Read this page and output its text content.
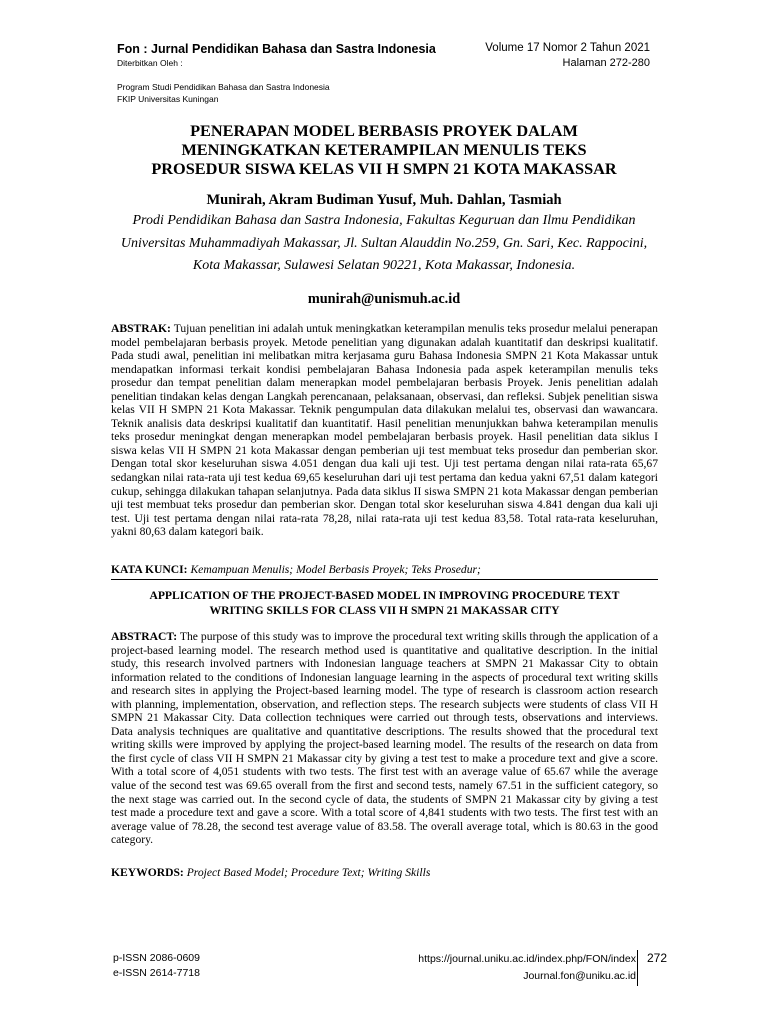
Fon : Jurnal Pendidikan Bahasa dan Sastra Indonesia	Volume 17 Nomor 2 Tahun 2021
Diterbitkan Oleh :	Halaman 272-280
Program Studi Pendidikan Bahasa dan Sastra Indonesia
FKIP Universitas Kuningan
PENERAPAN MODEL BERBASIS PROYEK DALAM
MENINGKATKAN KETERAMPILAN MENULIS TEKS
PROSEDUR SISWA KELAS VII H SMPN 21 KOTA MAKASSAR
Munirah, Akram Budiman Yusuf, Muh. Dahlan, Tasmiah
Prodi Pendidikan Bahasa dan Sastra Indonesia, Fakultas Keguruan dan Ilmu Pendidikan Universitas Muhammadiyah Makassar, Jl. Sultan Alauddin No.259, Gn. Sari, Kec. Rappocini, Kota Makassar, Sulawesi Selatan 90221, Kota Makassar, Indonesia.
munirah@unismuh.ac.id
ABSTRAK: Tujuan penelitian ini adalah untuk meningkatkan keterampilan menulis teks prosedur melalui penerapan model pembelajaran berbasis proyek. Metode penelitian yang digunakan adalah kuantitatif dan deskripsi kualitatif. Pada studi awal, penelitian ini melibatkan mitra kerjasama guru Bahasa Indonesia SMPN 21 Kota Makassar untuk mendapatkan informasi terkait kondisi pembelajaran Bahasa Indonesia pada aspek keterampilan menulis teks prosedur dan tempat penelitian dalam menerapkan model pembelajaran berbasis Proyek. Jenis penelitian adalah penelitian tindakan kelas dengan Langkah perencanaan, pelaksanaan, observasi, dan refleksi. Subjek penelitian siswa kelas VII H SMPN 21 Kota Makassar. Teknik pengumpulan data dilakukan melalui tes, observasi dan wawancara. Teknik analisis data deskripsi kualitatif dan kuantitatif. Hasil penelitian menunjukkan bahwa keterampilan menulis teks prosedur meningkat dengan menerapkan model pembelajaran berbasis proyek. Hasil penelitian data siklus I siswa kelas VII H SMPN 21 kota Makassar dengan pemberian uji test membuat teks prosedur dan pemberian skor. Dengan total skor keseluruhan siswa 4.051 dengan dua kali uji test. Uji test pertama dengan nilai rata-rata 65,67 sedangkan nilai rata-rata uji test kedua 69,65 keseluruhan dari uji test pertama dan kedua yakni 67,51 dalam kategori cukup, sehingga dilakukan tahapan selanjutnya. Pada data siklus II siswa SMPN 21 kota Makassar dengan pemberian uji test membuat teks prosedur dan pemberian skor. Dengan total skor keseluruhan siswa 4.841 dengan dua kali uji test. Uji test pertama dengan nilai rata-rata 78,28, nilai rata-rata uji test kedua 83,58. Total rata-rata keseluruhan, yakni 80,63 dalam kategori baik.
KATA KUNCI: Kemampuan Menulis; Model Berbasis Proyek; Teks Prosedur;
APPLICATION OF THE PROJECT-BASED MODEL IN IMPROVING PROCEDURE TEXT
WRITING SKILLS FOR CLASS VII H SMPN 21 MAKASSAR CITY
ABSTRACT: The purpose of this study was to improve the procedural text writing skills through the application of a project-based learning model. The research method used is quantitative and qualitative description. In the initial study, this research involved partners with Indonesian language teachers at SMPN 21 Makassar City to obtain information related to the conditions of Indonesian language learning in the aspects of procedural text writing skills and research sites in applying the Project-based learning model. The type of research is classroom action research with planning, implementation, observation, and reflection steps. The research subjects were students of class VII H SMPN 21 Makassar City. Data collection techniques were carried out through tests, observations and interviews. Data analysis techniques are qualitative and quantitative descriptions. The results showed that the procedural text writing skills were improved by applying the project-based learning model. The results of the research on data from the first cycle of class VII H SMPN 21 Makassar city by giving a test test to make a procedure text and give a score. With a total score of 4,051 students with two tests. The first test with an average value of 65.67 while the average value of the second test was 69.65 overall from the first and second tests, namely 67.51 in the sufficient category, so the next stage was carried out. In the second cycle of data, the students of SMPN 21 Makassar city by giving a test test made a procedure text and gave a score. With a total score of 4,841 students with two tests. The first test with an average value of 78.28, the second test average value of 83.58. The overall average total, which is 80.63 in the good category.
KEYWORDS: Project Based Model; Procedure Text; Writing Skills
p-ISSN 2086-0609
e-ISSN 2614-7718
https://journal.uniku.ac.id/index.php/FON/index
Journal.fon@uniku.ac.id
272
